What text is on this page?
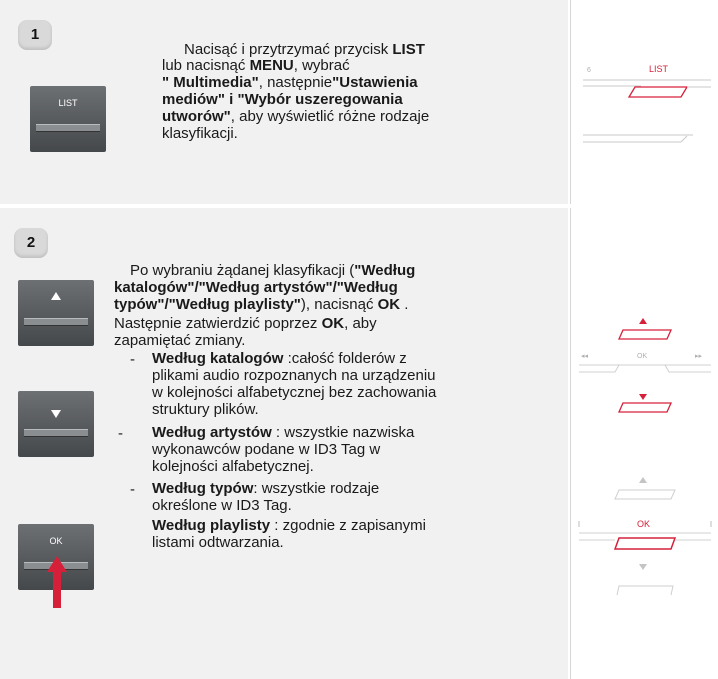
1
LIST
Nacisąć i przytrzymać przycisk LIST
lub nacisnąć MENU, wybrać
" Multimedia", następnie"Ustawienia
mediów" i "Wybór uszeregowania
utworów", aby wyświetlić różne rodzaje
klasyfikacji.
6	LIST
2
OK
Po wybraniu żądanej klasyfikacji ("Według
katalogów"/"Według artystów"/"Według
typów"/"Według playlisty"), nacisnąć OK .
Następnie zatwierdzić poprzez OK, aby
zapamiętać zmiany.
- Według katalogów :całość folderów z
plikami audio rozpoznanych na urządzeniu
w kolejności alfabetycznej bez zachowania
struktury plików.
- Według artystów : wszystkie nazwiska
wykonawców podane w ID3 Tag w
kolejności alfabetycznej.
- Według typów: wszystkie rodzaje
określone w ID3 Tag.
Według playlisty : zgodnie z zapisanymi
listami odtwarzania.
◂◂	OK	▸▸
OK
